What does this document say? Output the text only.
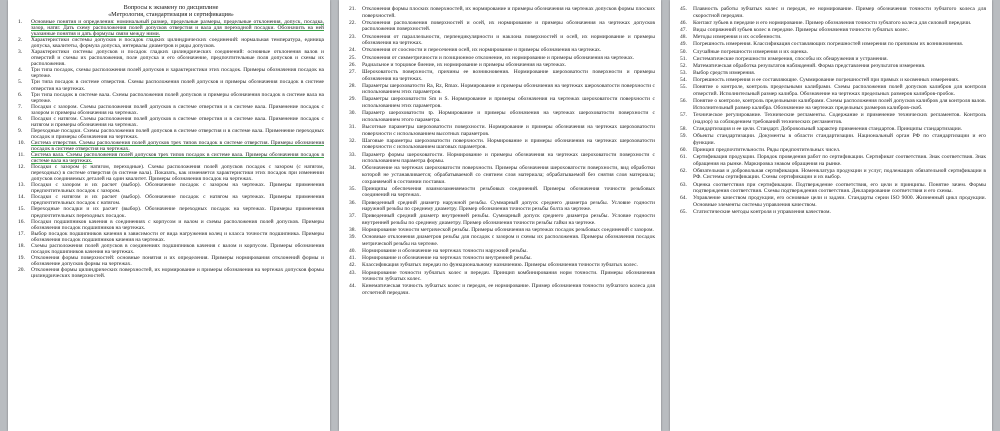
Вопросы к экзамену по дисциплине
«Метрология, стандартизация и сертификация»
1.	Основные понятия и определения: номинальный размер, предельные размеры, предельные отклонения, допуск, посадка, зазор, натяг. Дать схему расположения полей допусков отверстия и вала для переходной посадки. Обозначить на ней указанные понятия и дать формулы связи между ними.
2.	Характеристики системы допусков и посадок гладких цилиндрических соединений: нормальная температура, единица допуска, квалитеты, формула допуска, интервалы диаметров и ряды допусков.
3.	Характеристики системы допусков и посадок гладких цилиндрических соединений: основные отклонения валов и отверстий и схемы их расположения, поле допуска и его обозначение, предпочтительные поля допусков и схемы их расположения.
4.	Три типа посадок, схемы расположения полей допусков и характеристики этих посадок. Примеры обозначения посадок на чертеже.
5.	Три типа посадок в системе отверстия. Схемы расположения полей допусков и примеры обозначения посадок в системе отверстия на чертежах.
6.	Три типа посадок в системе вала. Схемы расположения полей допусков и примеры обозначения посадок в системе вала на чертеже.
7.	Посадки с зазором. Схемы расположения полей допусков в системе отверстия и в системе вала. Применение посадок с зазором и примеры обозначения на чертежах.
8.	Посадки с натягом. Схемы расположения полей допусков в системе отверстия и в системе вала. Применение посадок с натягом и примеры обозначения на чертежах.
9.	Переходные посадки. Схемы расположения полей допусков в системе отверстия и в системе вала. Применение переходных посадок и примеры обозначения на чертежах.
10.	Система отверстия. Схемы расположения полей допусков трех типов посадок в системе отверстия. Примеры обозначения посадок в системе отверстия на чертежах.
11.	Система вала. Схемы расположения полей допусков трех типов посадок в системе вала. Примеры обозначения посадок в системе вала на чертежах.
12.	Посадки с зазором (с натягом, переходные). Схемы расположения полей допусков посадок с зазором (с натягом, переходных) в системе отверстия (в системе вала). Показать, как изменяется характеристики этих посадок при изменении допусков соединяемых деталей на один квалитет. Примеры обозначения посадок на чертежах.
13.	Посадки с зазором и их расчет (выбор). Обозначение посадок с зазором на чертежах. Примеры применения предпочтительных посадок с зазором.
14.	Посадки с натягом и их расчет (выбор). Обозначение посадок с натягом на чертежах. Примеры применения предпочтительных посадок с натягом.
15.	Переходные посадки и их расчет (выбор). Обозначение переходных посадок на чертежах. Примеры применения предпочтительных переходных посадок.
16.	Посадки подшипников качения в соединениях с корпусом и валом и схемы расположения полей допусков. Примеры обозначения посадок подшипников на чертежах.
17.	Выбор посадок подшипников качения в зависимости от вида нагружения колец и класса точности подшипника. Примеры обозначения посадок подшипников качения на чертежах.
18.	Схемы расположения полей допусков в соединениях подшипников качения с валом и корпусом. Примеры обозначения посадок подшипников качения на чертежах.
19.	Отклонения формы поверхностей: основные понятия и их определения. Примеры нормирования отклонений формы и обозначение допусков формы на чертежах.
20.	Отклонения формы цилиндрических поверхностей, их нормирование и примеры обозначения на чертежах допусков формы цилиндрических поверхностей.
21.	Отклонения формы плоских поверхностей, их нормирование и примеры обозначения на чертежах допусков формы плоских поверхностей.
22.	Отклонения расположения поверхностей и осей, их нормирование и примеры обозначения на чертежах допусков расположения поверхностей.
23.	Отклонения от параллельности, перпендикулярности и наклона поверхностей и осей, их нормирование и примеры обозначения на чертежах.
24.	Отклонения от соосности и пересечения осей, их нормирование и примеры обозначения на чертежах.
25.	Отклонения от симметричности и позиционное отклонение, их нормирование и примеры обозначения на чертежах.
26.	Радиальное и торцовое биение, их нормирование и примеры обозначения на чертежах.
27.	Шероховатость поверхности, причины ее возникновения. Нормирование шероховатости поверхности и примеры обозначения на чертежах.
28.	Параметры шероховатости Ra, Rz, Rmax. Нормирование и примеры обозначения на чертежах шероховатости поверхности с использованием этих параметров.
29.	Параметры шероховатости Sm и S. Нормирование и примеры обозначения на чертежах шероховатости поверхности с использованием этих параметров.
30.	Параметр шероховатости tp. Нормирование и примеры обозначения на чертежах шероховатости поверхности с использованием этого параметра.
31.	Высотные параметры шероховатости поверхности. Нормирование и примеры обозначения на чертежах шероховатости поверхности с использованием высотных параметров.
32.	Шаговые параметры шероховатости поверхности. Нормирование и примеры обозначения на чертежах шероховатости поверхности с использованием шаговых параметров.
33.	Параметр формы шероховатости. Нормирование и примеры обозначения на чертежах шероховатости поверхности с использованием параметра формы.
34.	Обозначение на чертежах шероховатости поверхности. Примеры обозначения шероховатости поверхности, вид обработки которой не устанавливается; обрабатываемой со снятием слоя материала; обрабатываемой без снятия слоя материала; сохраняемой в состоянии поставки.
35.	Принципы обеспечения взаимозаменяемости резьбовых соединений. Примеры обозначения точности резьбовых соединений на чертежах.
36.	Приведенный средний диаметр наружной резьбы. Суммарный допуск среднего диаметра резьбы. Условие годности наружной резьбы по среднему диаметру. Пример обозначения точности резьбы болта на чертеже.
37.	Приведенный средний диаметр внутренней резьбы. Суммарный допуск среднего диаметра резьбы. Условие годности внутренней резьбы по среднему диаметру. Пример обозначения точности резьбы гайки на чертеже.
38.	Нормирование точности метрической резьбы. Примеры обозначения на чертежах посадок резьбовых соединений с зазором.
39.	Основные отклонения диаметров резьбы для посадок с зазором и схемы их расположения. Примеры обозначения посадок метрической резьбы на чертеже.
40.	Нормирование и обозначение на чертежах точности наружной резьбы.
41.	Нормирование и обозначение на чертежах точности внутренней резьбы.
42.	Классификация зубчатых передач по функциональному назначению. Примеры обозначения точности зубчатых колес.
43.	Нормирование точности зубчатых колес и передач. Принцип комбинирования норм точности. Примеры обозначения точности зубчатых колес.
44.	Кинематическая точность зубчатых колес и передач, ее нормирование. Пример обозначения точности зубчатого колеса для отсчетной передачи.
45.	Плавность работы зубчатых колес и передач, ее нормирование. Пример обозначения точности зубчатого колеса для скоростной передачи.
46.	Контакт зубьев в передаче и его нормирование. Пример обозначения точности зубчатого колеса для силовой передачи.
47.	Виды сопряжений зубьев колес в передаче. Примеры обозначения точности зубчатых колес.
48.	Методы измерения и их особенности.
49.	Погрешность измерения. Классификация составляющих погрешностей измерения по причинам их возникновения.
50.	Случайные погрешности измерения и их оценка.
51.	Систематические погрешности измерения, способы их обнаружения и устранения.
52.	Математическая обработка результатов наблюдений. Форма представления результатов измерения.
53.	Выбор средств измерения.
54.	Погрешность измерения и ее составляющие. Суммирование погрешностей при прямых и косвенных измерениях.
55.	Понятие о контроле, контроль предельными калибрами. Схемы расположения полей допусков калибров для контроля отверстий. Исполнительный размер калибра. Обозначение на чертежах предельных размеров калибров-пробок.
56.	Понятие о контроле, контроль предельными калибрами. Схемы расположения полей допусков калибров для контроля валов. Исполнительный размер калибра. Обозначение на чертежах предельных размеров калибров-скоб.
57.	Техническое регулирование. Технические регламенты. Содержание и применение технических регламентов. Контроль (надзор) за соблюдением требований технических регламентов.
58.	Стандартизация и ее цели. Стандарт. Добровольный характер применения стандартов. Принципы стандартизации.
59.	Объекты стандартизации. Документы в области стандартизации. Национальный орган РФ по стандартизации и его функции.
60.	Принцип предпочтительности. Ряды предпочтительных чисел.
61.	Сертификация продукции. Порядок проведения работ по сертификации. Сертификат соответствия. Знак соответствия. Знак обращения на рынке. Маркировка знаком обращения на рынке.
62.	Обязательная и добровольная сертификация. Номенклатура продукции и услуг, подлежащих обязательной сертификации в РФ. Системы сертификации. Схемы сертификации и их выбор.
63.	Оценка соответствия при сертификации. Подтверждение соответствия, его цели и принципы. Понятие зачем. Формы подтверждения соответствия. Схемы подтверждения соответствия. Декларирование соответствия и его схемы.
64.	Управление качеством продукции, его основные цели и задачи. Стандарты серии ISO 9000. Жизненный цикл продукции. Основные элементы системы управления качеством.
65.	Статистические методы контроля и управления качеством.
